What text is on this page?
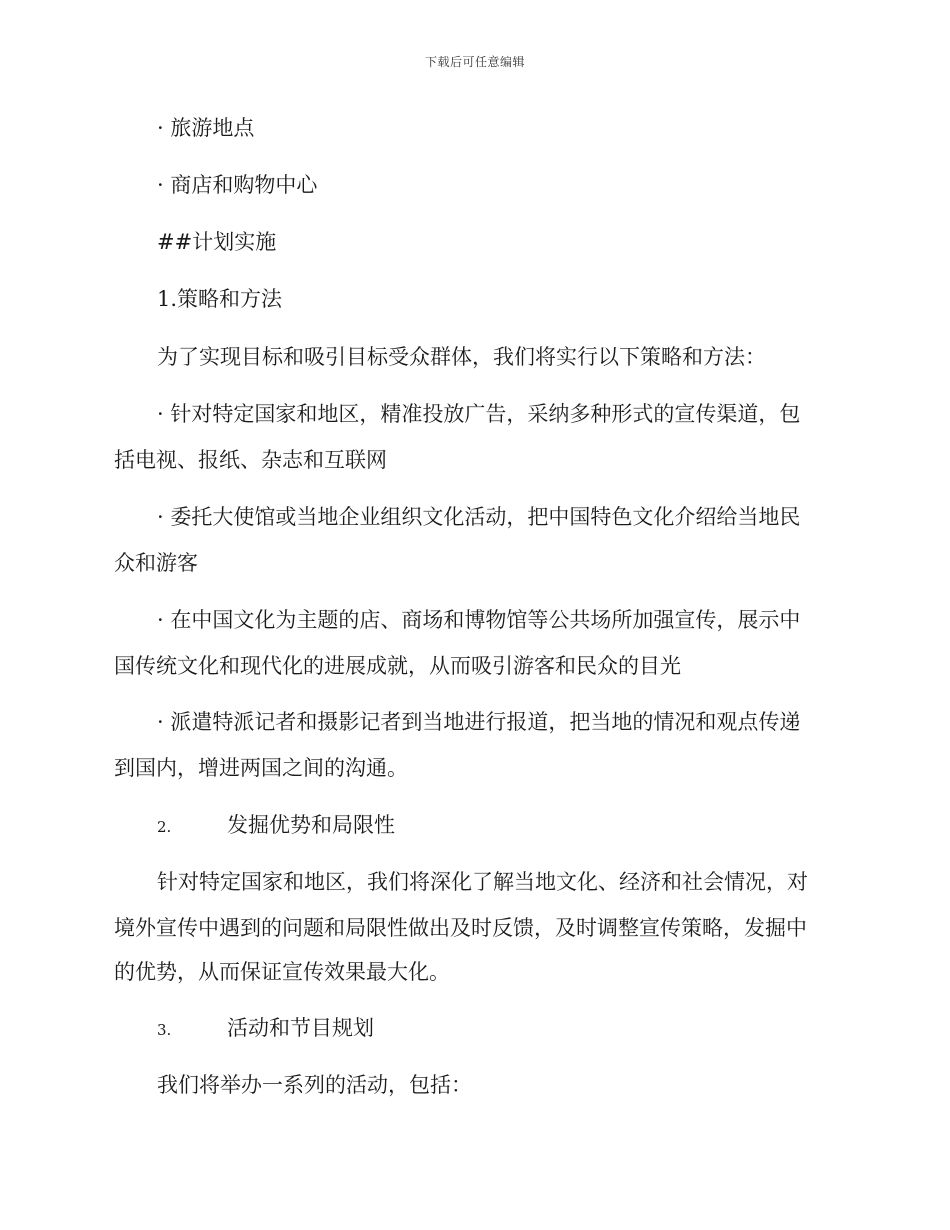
下载后可任意编辑
· 旅游地点
· 商店和购物中心
##计划实施
1.策略和方法
为了实现目标和吸引目标受众群体，我们将实行以下策略和方法：
· 针对特定国家和地区，精准投放广告，采纳多种形式的宣传渠道，包
括电视、报纸、杂志和互联网
· 委托大使馆或当地企业组织文化活动，把中国特色文化介绍给当地民
众和游客
· 在中国文化为主题的店、商场和博物馆等公共场所加强宣传，展示中
国传统文化和现代化的进展成就，从而吸引游客和民众的目光
· 派遣特派记者和摄影记者到当地进行报道，把当地的情况和观点传递
到国内，增进两国之间的沟通。
2.	发掘优势和局限性
针对特定国家和地区，我们将深化了解当地文化、经济和社会情况，对
境外宣传中遇到的问题和局限性做出及时反馈，及时调整宣传策略，发掘中
的优势，从而保证宣传效果最大化。
3.	活动和节目规划
我们将举办一系列的活动，包括：
